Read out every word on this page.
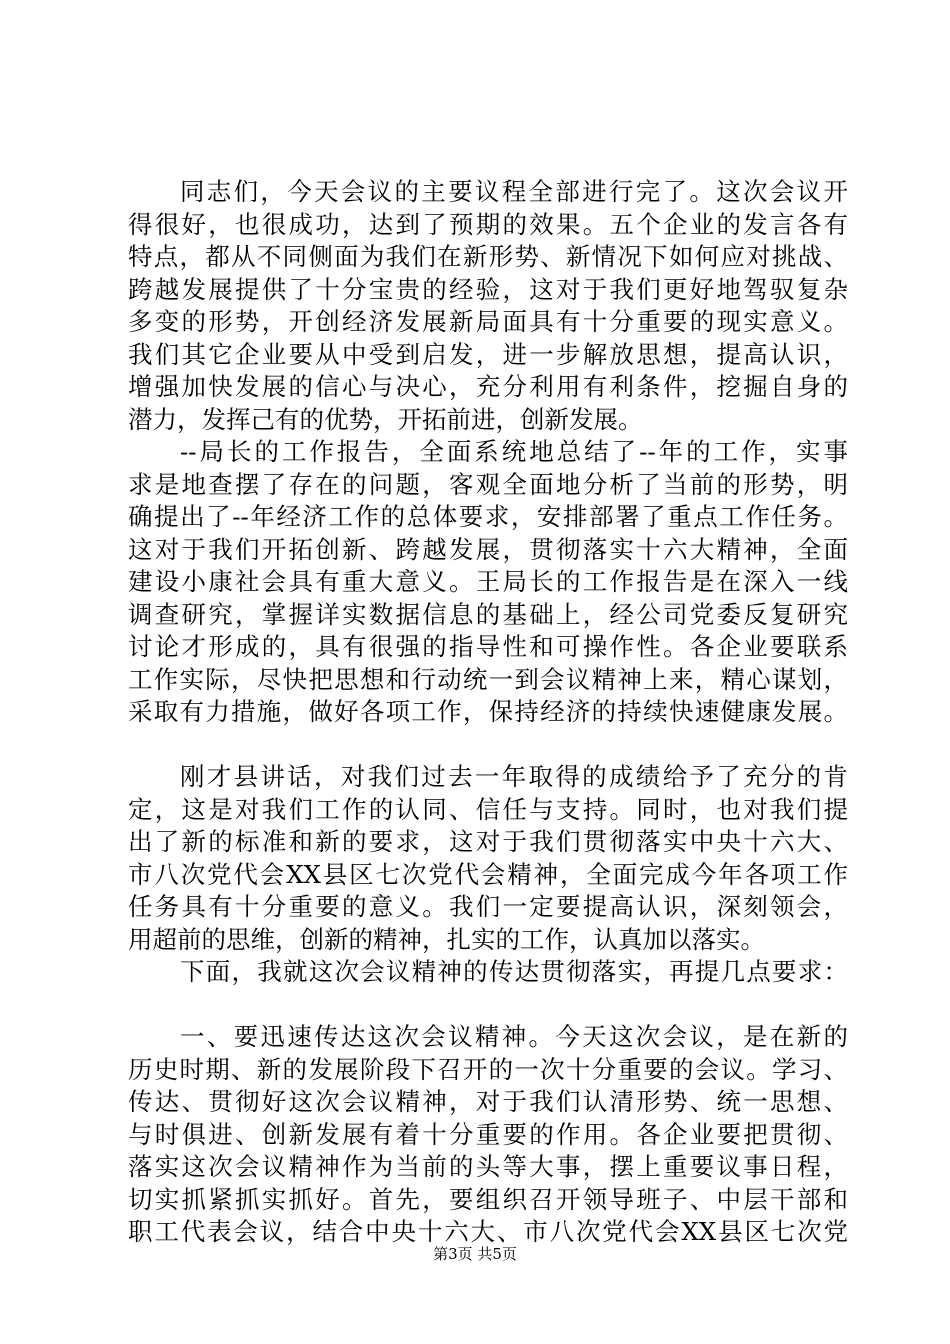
同志们，今天会议的主要议程全部进行完了。这次会议开
得很好，也很成功，达到了预期的效果。五个企业的发言各有
特点，都从不同侧面为我们在新形势、新情况下如何应对挑战、
跨越发展提供了十分宝贵的经验，这对于我们更好地驾驭复杂
多变的形势，开创经济发展新局面具有十分重要的现实意义。
我们其它企业要从中受到启发，进一步解放思想，提高认识，
增强加快发展的信心与决心，充分利用有利条件，挖掘自身的
潜力，发挥己有的优势，开拓前进，创新发展。
--局长的工作报告，全面系统地总结了--年的工作，实事
求是地查摆了存在的问题，客观全面地分析了当前的形势，明
确提出了--年经济工作的总体要求，安排部署了重点工作任务。
这对于我们开拓创新、跨越发展，贯彻落实十六大精神，全面
建设小康社会具有重大意义。王局长的工作报告是在深入一线
调查研究，掌握详实数据信息的基础上，经公司党委反复研究
讨论才形成的，具有很强的指导性和可操作性。各企业要联系
工作实际，尽快把思想和行动统一到会议精神上来，精心谋划，
采取有力措施，做好各项工作，保持经济的持续快速健康发展。
刚才县讲话，对我们过去一年取得的成绩给予了充分的肯
定，这是对我们工作的认同、信任与支持。同时，也对我们提
出了新的标准和新的要求，这对于我们贯彻落实中央十六大、
市八次党代会XX县区七次党代会精神，全面完成今年各项工作
任务具有十分重要的意义。我们一定要提高认识，深刻领会，
用超前的思维，创新的精神，扎实的工作，认真加以落实。
下面，我就这次会议精神的传达贯彻落实，再提几点要求：
一、要迅速传达这次会议精神。今天这次会议，是在新的
历史时期、新的发展阶段下召开的一次十分重要的会议。学习、
传达、贯彻好这次会议精神，对于我们认清形势、统一思想、
与时俱进、创新发展有着十分重要的作用。各企业要把贯彻、
落实这次会议精神作为当前的头等大事，摆上重要议事日程，
切实抓紧抓实抓好。首先，要组织召开领导班子、中层干部和
职工代表会议，结合中央十六大、市八次党代会XX县区七次党
第3页 共5页
